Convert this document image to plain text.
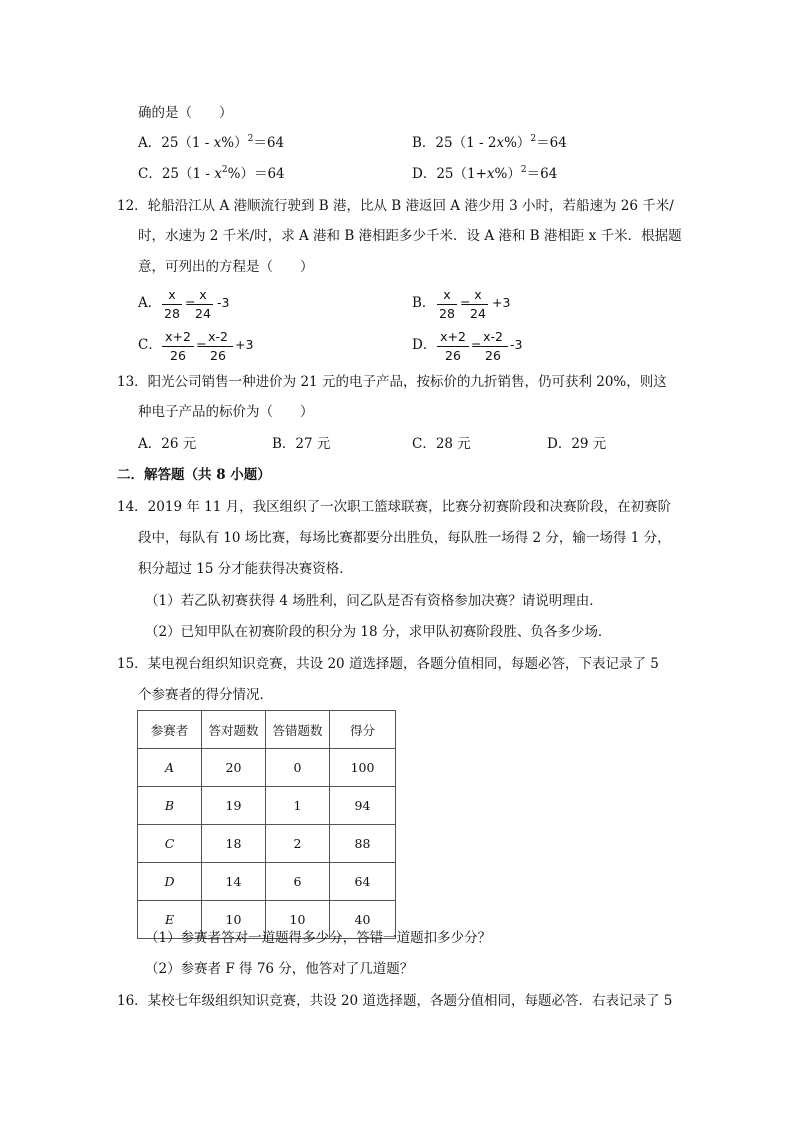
确的是（　　）
A．25（1 - x%）$^2$＝64	B．25（1 - 2x%）$^2$＝64
C．$25(1 - x^2\%)=64$	D．$25(1+x\%)^2=64$
12．轮船沿江从 A 港顺流行驶到 B 港，比从 B 港返回 A 港少用 3 小时，若船速为 26 千米/
时，水速为 2 千米/时，求 A 港和 B 港相距多少千米．设 A 港和 B 港相距 x 千米．根据题
意，可列出的方程是（　　）
A．
x
28
=
x
24
-3	B．
x
28
=
x
24
+3
C．
x+2
26
=
x-2
26
+3	D．
x+2
26
=
x-2
26
-3
13．阳光公司销售一种进价为 21 元的电子产品，按标价的九折销售，仍可获利 20%，则这
种电子产品的标价为（　　）
A．26 元	B．27 元	C．28 元	D．29 元
二．解答题（共 8 小题）
14．2019 年 11 月，我区组织了一次职工篮球联赛，比赛分初赛阶段和决赛阶段，在初赛阶
段中，每队有 10 场比赛，每场比赛都要分出胜负，每队胜一场得 2 分，输一场得 1 分，
积分超过 15 分才能获得决赛资格．
（1）若乙队初赛获得 4 场胜利，问乙队是否有资格参加决赛？请说明理由．
（2）已知甲队在初赛阶段的积分为 18 分，求甲队初赛阶段胜、负各多少场．
15．某电视台组织知识竞赛，共设 20 道选择题，各题分值相同，每题必答，下表记录了 5
个参赛者的得分情况．
参赛者	答对题数	答错题数	得分
A	20	0	100
B	19	1	94
C	18	2	88
D	14	6	64
E	10	10	40
（1）参赛者答对一道题得多少分，答错一道题扣多少分？
（2）参赛者 F 得 76 分，他答对了几道题？
16．某校七年级组织知识竞赛，共设 20 道选择题，各题分值相同，每题必答．右表记录了 5
